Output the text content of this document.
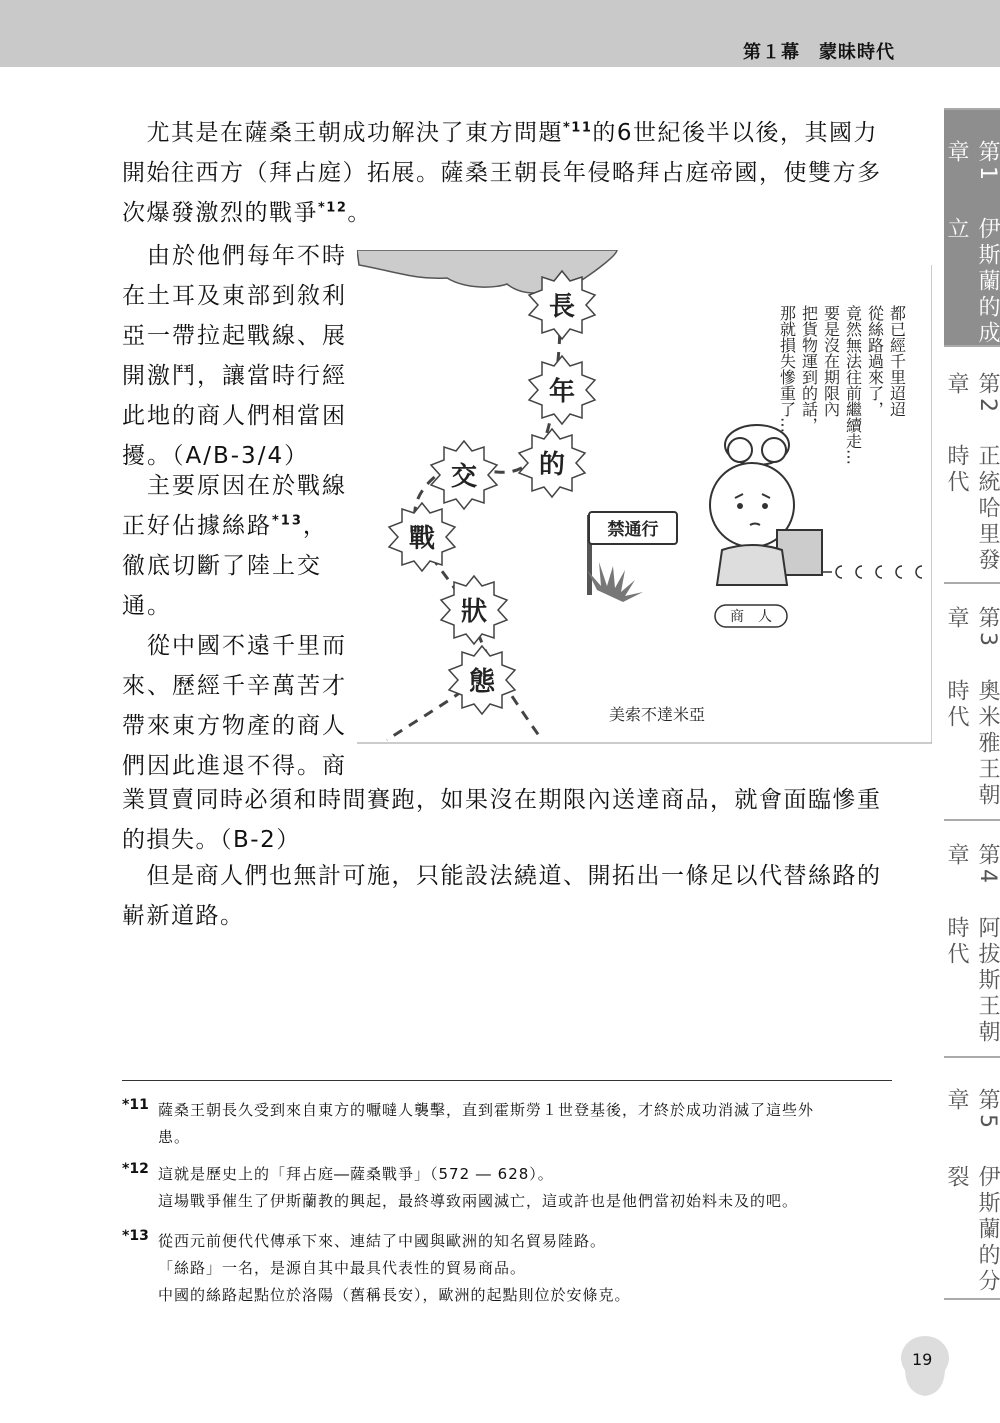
第１幕　蒙昧時代

　尤其是在薩桑王朝成功解決了東方問題$^{*11}$的6世紀後半以後，其國力開始往西方（拜占庭）拓展。薩桑王朝長年侵略拜占庭帝國，使雙方多次爆發激烈的戰爭$^{*12}$。

　由於他們每年不時在土耳及東部到敘利亞一帶拉起戰線、展開激鬥，讓當時行經此地的商人們相當困擾。（A/B-3/4）

　主要原因在於戰線正好佔據絲路$^{*13}$，徹底切斷了陸上交通。

　從中國不遠千里而來、歷經千辛萬苦才帶來東方物產的商人們因此進退不得。商

業買賣同時必須和時間賽跑，如果沒在期限內送達商品，就會面臨慘重的損失。（B-2）

　但是商人們也無計可施，只能設法繞道、開拓出一條足以代替絲路的嶄新道路。

長
年
的
交
戰
狀
態
禁通行
商　人
美索不達米亞
都已經千里迢迢
從絲路過來了，
竟然無法往前繼續走…
要是沒在期限內
把貨物運到的話，
那就損失慘重了…
*11 薩桑王朝長久受到來自東方的嚈噠人襲擊，直到霍斯勞１世登基後，才終於成功消滅了這些外
患。
*12 這就是歷史上的「拜占庭―薩桑戰爭」（572 ― 628）。
這場戰爭催生了伊斯蘭教的興起，最終導致兩國滅亡，這或許也是他們當初始料未及的吧。
*13 從西元前便代代傳承下來、連結了中國與歐洲的知名貿易陸路。
「絲路」一名，是源自其中最具代表性的貿易商品。
中國的絲路起點位於洛陽（舊稱長安），歐洲的起點則位於安條克。
第1章
伊斯蘭的成立
第2章
正統哈里發時代
第3章
奧米雅王朝時代
第4章
阿拔斯王朝時代
第5章
伊斯蘭的分裂
19
